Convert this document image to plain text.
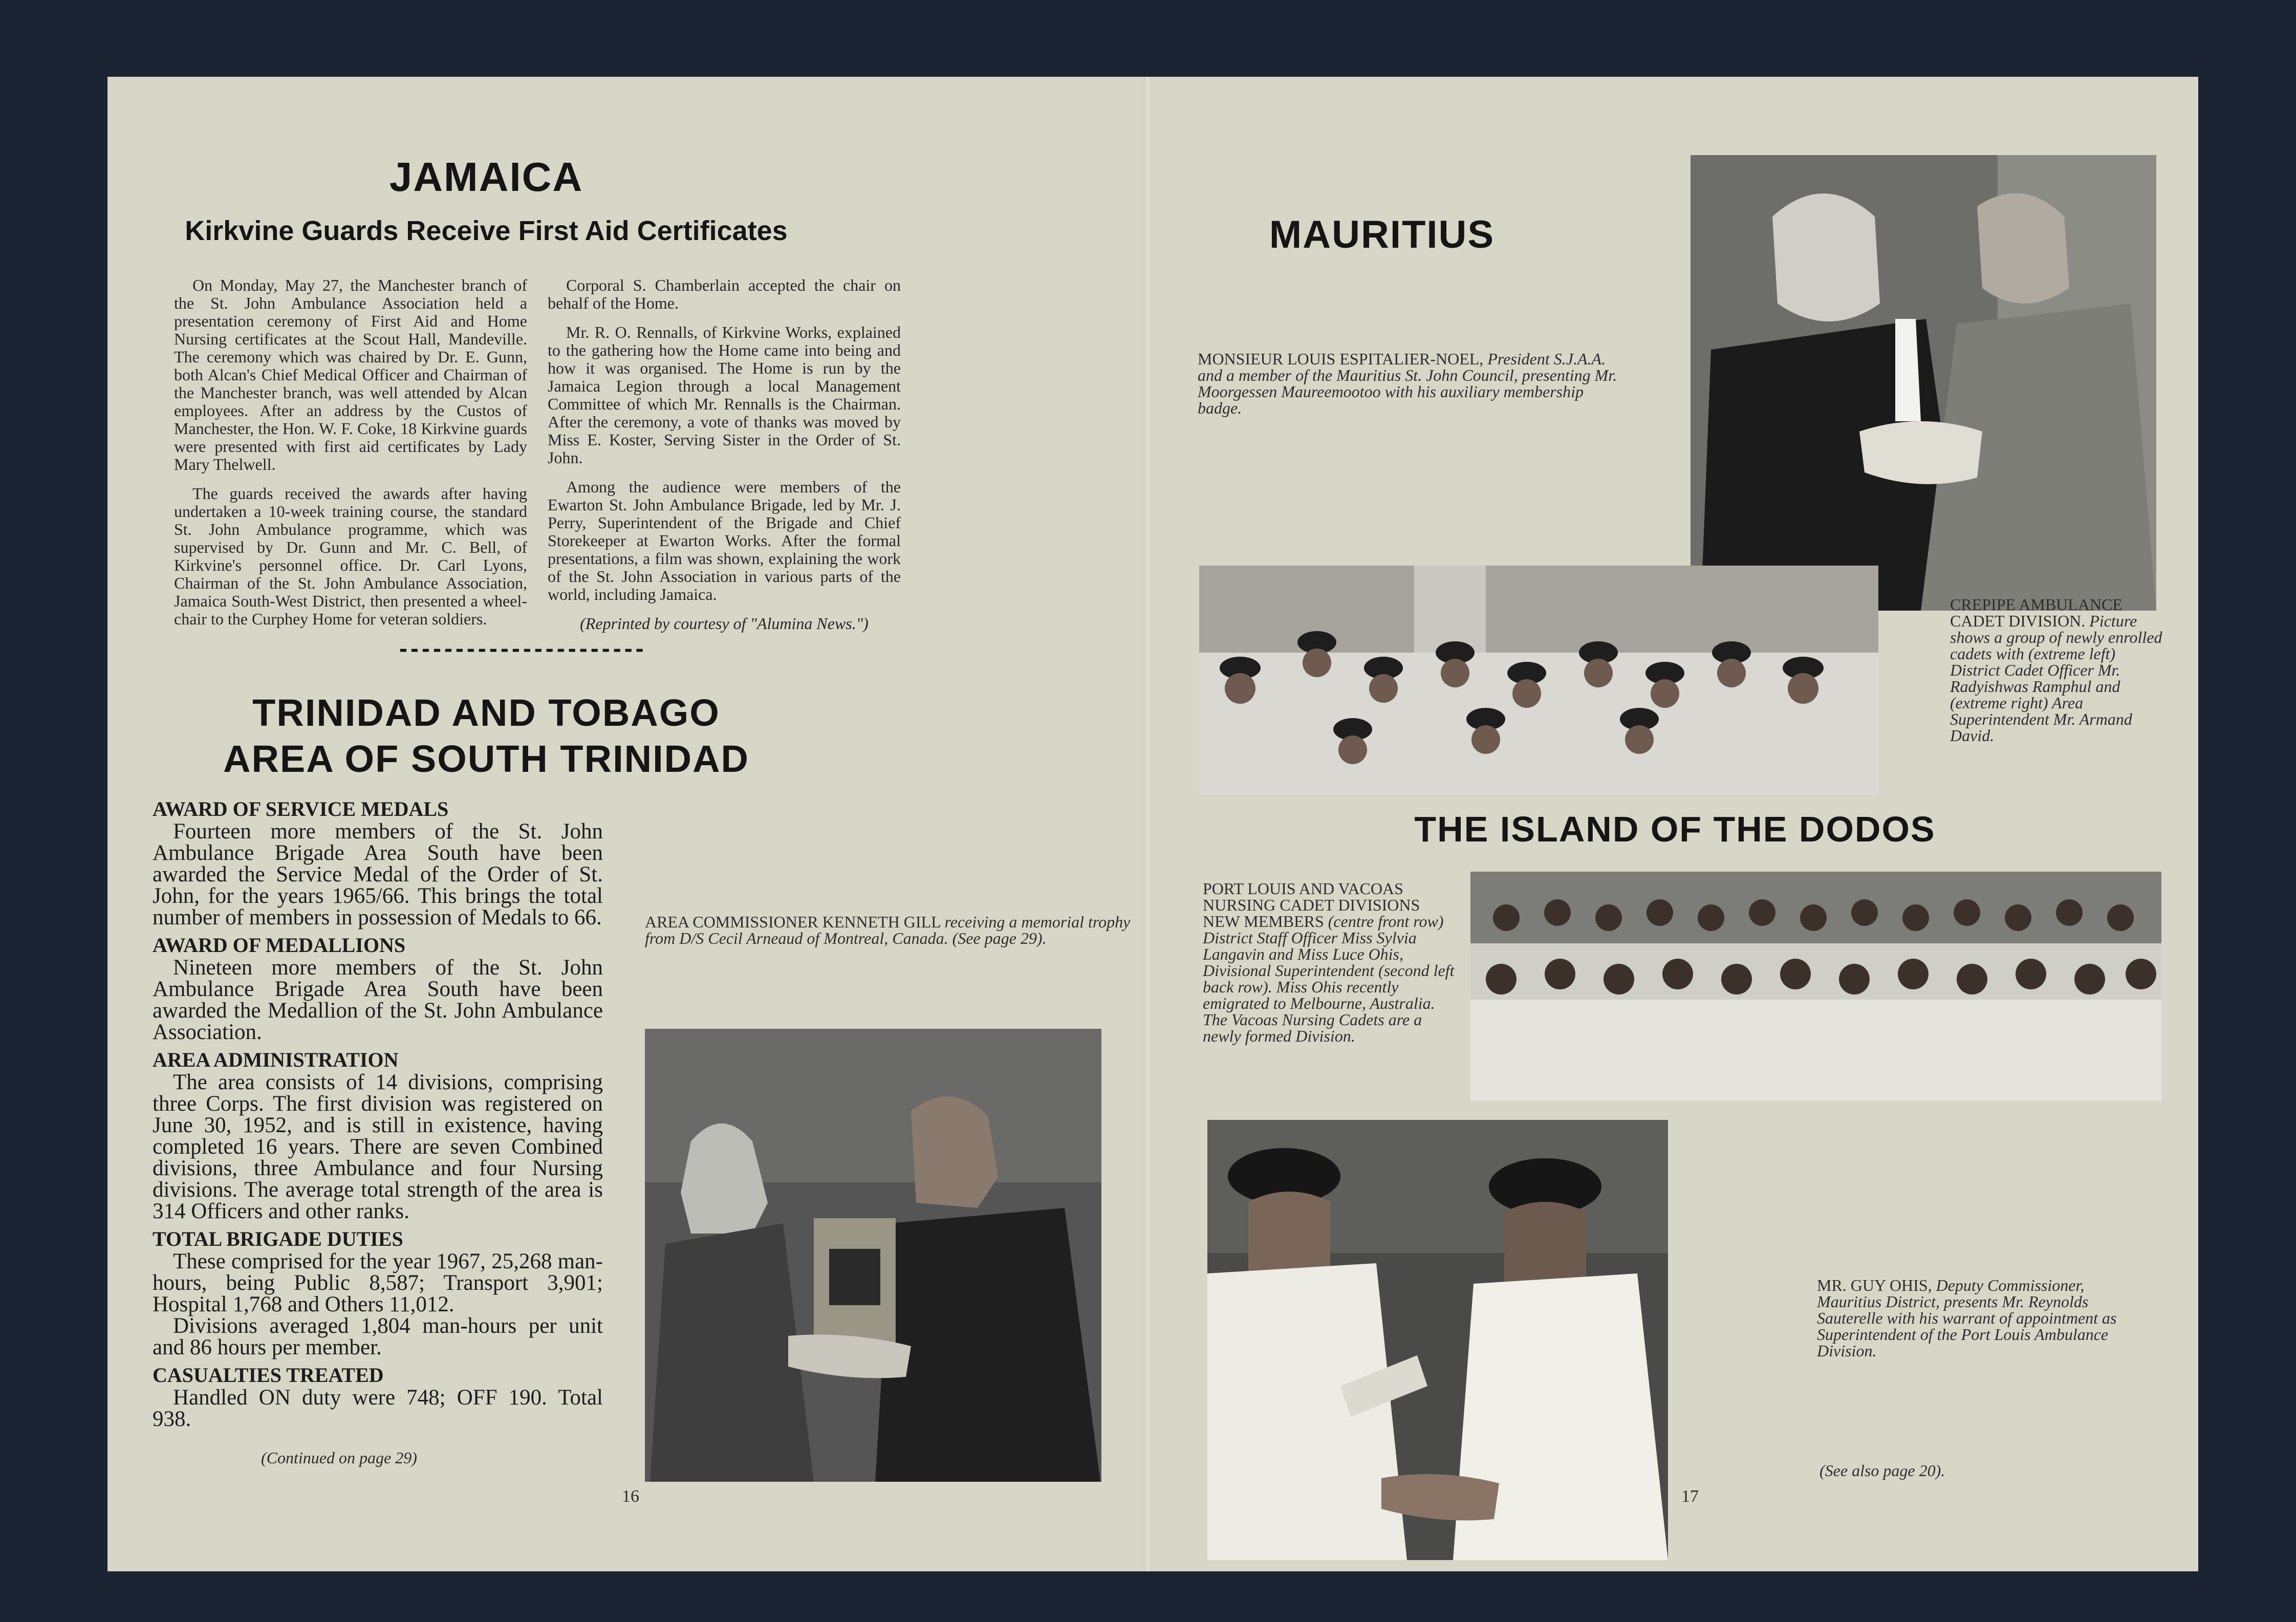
JAMAICA
Kirkvine Guards Receive First Aid Certificates

On Monday, May 27, the Manchester branch of the St. John Ambulance Association held a presentation ceremony of First Aid and Home Nursing certificates at the Scout Hall, Mandeville. The ceremony which was chaired by Dr. E. Gunn, both Alcan's Chief Medical Officer and Chairman of the Manchester branch, was well attended by Alcan employees. After an address by the Custos of Manchester, the Hon. W. F. Coke, 18 Kirkvine guards were presented with first aid certificates by Lady Mary Thelwell.

The guards received the awards after having undertaken a 10-week training course, the standard St. John Ambulance programme, which was supervised by Dr. Gunn and Mr. C. Bell, of Kirkvine's personnel office. Dr. Carl Lyons, Chairman of the St. John Ambulance Association, Jamaica South-West District, then presented a wheel-chair to the Curphey Home for veteran soldiers.

Corporal S. Chamberlain accepted the chair on behalf of the Home.

Mr. R. O. Rennalls, of Kirkvine Works, explained to the gathering how the Home came into being and how it was organised. The Home is run by the Jamaica Legion through a local Management Committee of which Mr. Rennalls is the Chairman. After the ceremony, a vote of thanks was moved by Miss E. Koster, Serving Sister in the Order of St. John.

Among the audience were members of the Ewarton St. John Ambulance Brigade, led by Mr. J. Perry, Superintendent of the Brigade and Chief Storekeeper at Ewarton Works. After the formal presentations, a film was shown, explaining the work of the St. John Association in various parts of the world, including Jamaica.

(Reprinted by courtesy of "Alumina News.")
----------------------
TRINIDAD AND TOBAGO
AREA OF SOUTH TRINIDAD
AWARD OF SERVICE MEDALS

Fourteen more members of the St. John Ambulance Brigade Area South have been awarded the Service Medal of the Order of St. John, for the years 1965/66. This brings the total number of members in possession of Medals to 66.

AWARD OF MEDALLIONS

Nineteen more members of the St. John Ambulance Brigade Area South have been awarded the Medallion of the St. John Ambulance Association.

AREA ADMINISTRATION

The area consists of 14 divisions, comprising three Corps. The first division was registered on June 30, 1952, and is still in existence, having completed 16 years. There are seven Combined divisions, three Ambulance and four Nursing divisions. The average total strength of the area is 314 Officers and other ranks.

TOTAL BRIGADE DUTIES

These comprised for the year 1967, 25,268 man-hours, being Public 8,587; Transport 3,901; Hospital 1,768 and Others 11,012.

Divisions averaged 1,804 man-hours per unit and 86 hours per member.

CASUALTIES TREATED

Handled ON duty were 748; OFF 190. Total 938.

(Continued on page 29)
AREA COMMISSIONER KENNETH GILL receiving a memorial trophy from D/S Cecil Arneaud of Montreal, Canada. (See page 29).
16
MAURITIUS
MONSIEUR LOUIS ESPITALIER-NOEL, President S.J.A.A. and a member of the Mauritius St. John Council, presenting Mr. Moorgessen Maureemootoo with his auxiliary membership badge.
CREPIPE AMBULANCE CADET DIVISION. Picture shows a group of newly enrolled cadets with (extreme left) District Cadet Officer Mr. Radyishwas Ramphul and (extreme right) Area Superintendent Mr. Armand David.
THE ISLAND OF THE DODOS
PORT LOUIS AND VACOAS NURSING CADET DIVISIONS NEW MEMBERS (centre front row) District Staff Officer Miss Sylvia Langavin and Miss Luce Ohis, Divisional Superintendent (second left back row). Miss Ohis recently emigrated to Melbourne, Australia. The Vacoas Nursing Cadets are a newly formed Division.
MR. GUY OHIS, Deputy Commissioner, Mauritius District, presents Mr. Reynolds Sauterelle with his warrant of appointment as Superintendent of the Port Louis Ambulance Division.
(See also page 20).
17
